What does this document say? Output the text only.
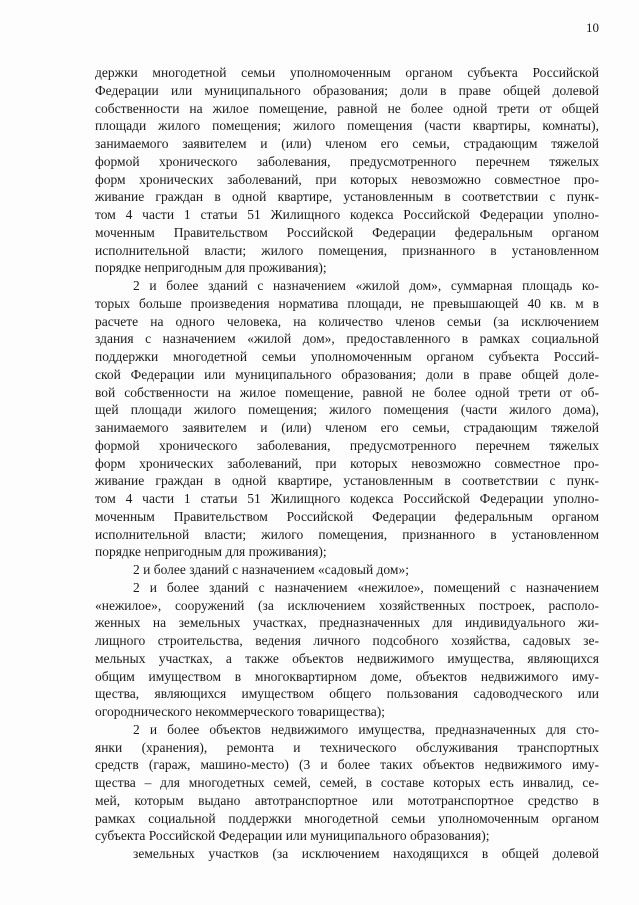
10
держки многодетной семьи уполномоченным органом субъекта Российской
Федерации или муниципального образования; доли в праве общей долевой
собственности на жилое помещение, равной не более одной трети от общей
площади жилого помещения; жилого помещения (части квартиры, комнаты),
занимаемого заявителем и (или) членом его семьи, страдающим тяжелой
формой хронического заболевания, предусмотренного перечнем тяжелых
форм хронических заболеваний, при которых невозможно совместное про-
живание граждан в одной квартире, установленным в соответствии с пунк-
том 4 части 1 статьи 51 Жилищного кодекса Российской Федерации уполно-
моченным Правительством Российской Федерации федеральным органом
исполнительной власти; жилого помещения, признанного в установленном
порядке непригодным для проживания);
2 и более зданий с назначением «жилой дом», суммарная площадь ко-
торых больше произведения норматива площади, не превышающей 40 кв. м в
расчете на одного человека, на количество членов семьи (за исключением
здания с назначением «жилой дом», предоставленного в рамках социальной
поддержки многодетной семьи уполномоченным органом субъекта Россий-
ской Федерации или муниципального образования; доли в праве общей доле-
вой собственности на жилое помещение, равной не более одной трети от об-
щей площади жилого помещения; жилого помещения (части жилого дома),
занимаемого заявителем и (или) членом его семьи, страдающим тяжелой
формой хронического заболевания, предусмотренного перечнем тяжелых
форм хронических заболеваний, при которых невозможно совместное про-
живание граждан в одной квартире, установленным в соответствии с пунк-
том 4 части 1 статьи 51 Жилищного кодекса Российской Федерации уполно-
моченным Правительством Российской Федерации федеральным органом
исполнительной власти; жилого помещения, признанного в установленном
порядке непригодным для проживания);
2 и более зданий с назначением «садовый дом»;
2 и более зданий с назначением «нежилое», помещений с назначением
«нежилое», сооружений (за исключением хозяйственных построек, располо-
женных на земельных участках, предназначенных для индивидуального жи-
лищного строительства, ведения личного подсобного хозяйства, садовых зе-
мельных участках, а также объектов недвижимого имущества, являющихся
общим имуществом в многоквартирном доме, объектов недвижимого иму-
щества, являющихся имуществом общего пользования садоводческого или
огороднического некоммерческого товарищества);
2 и более объектов недвижимого имущества, предназначенных для сто-
янки (хранения), ремонта и технического обслуживания транспортных
средств (гараж, машино-место) (3 и более таких объектов недвижимого иму-
щества – для многодетных семей, семей, в составе которых есть инвалид, се-
мей, которым выдано автотранспортное или мототранспортное средство в
рамках социальной поддержки многодетной семьи уполномоченным органом
субъекта Российской Федерации или муниципального образования);
земельных участков (за исключением находящихся в общей долевой
